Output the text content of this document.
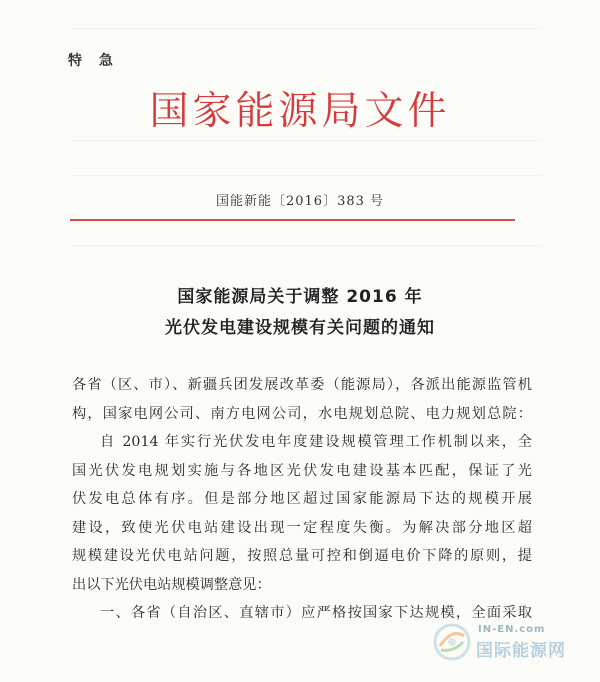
特 急
国家能源局文件
国能新能〔2016〕383 号
国家能源局关于调整 2016 年
光伏发电建设规模有关问题的通知
各省（区、市）、新疆兵团发展改革委（能源局），各派出能源监管机
构，国家电网公司、南方电网公司，水电规划总院、电力规划总院：
自 2014 年实行光伏发电年度建设规模管理工作机制以来，全
国光伏发电规划实施与各地区光伏发电建设基本匹配，保证了光
伏发电总体有序。但是部分地区超过国家能源局下达的规模开展
建设，致使光伏电站建设出现一定程度失衡。为解决部分地区超
规模建设光伏电站问题，按照总量可控和倒逼电价下降的原则，提
出以下光伏电站规模调整意见：
一、各省（自治区、直辖市）应严格按国家下达规模，全面采取
IN-EN.com
国际能源网
